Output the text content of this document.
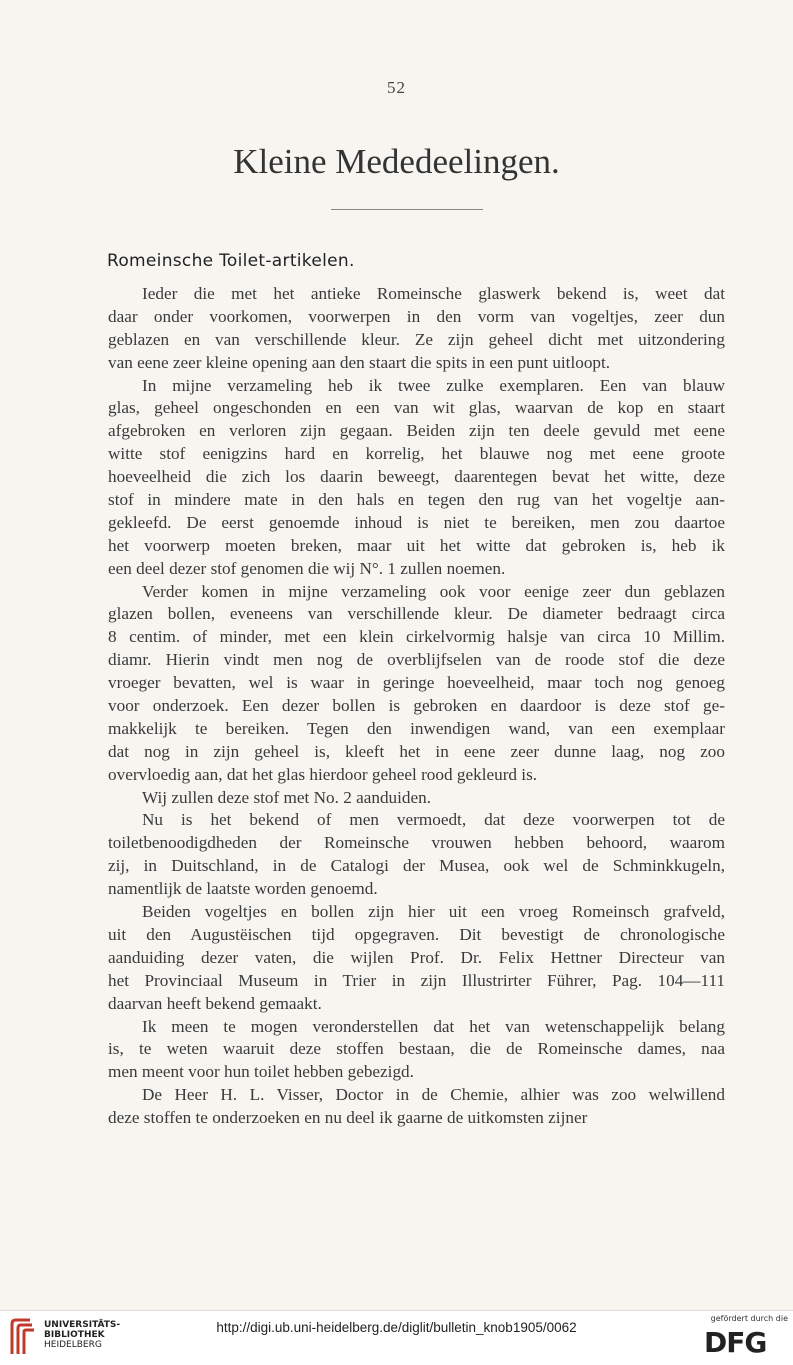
52
Kleine Mededeelingen.
Romeinsche Toilet-artikelen.
Ieder die met het antieke Romeinsche glaswerk bekend is, weet dat
daar onder voorkomen, voorwerpen in den vorm van vogeltjes, zeer dun
geblazen en van verschillende kleur. Ze zijn geheel dicht met uitzondering
van eene zeer kleine opening aan den staart die spits in een punt uitloopt.
In mijne verzameling heb ik twee zulke exemplaren. Een van blauw
glas, geheel ongeschonden en een van wit glas, waarvan de kop en staart
afgebroken en verloren zijn gegaan. Beiden zijn ten deele gevuld met eene
witte stof eenigzins hard en korrelig, het blauwe nog met eene groote
hoeveelheid die zich los daarin beweegt, daarentegen bevat het witte, deze
stof in mindere mate in den hals en tegen den rug van het vogeltje aan-
gekleefd. De eerst genoemde inhoud is niet te bereiken, men zou daartoe
het voorwerp moeten breken, maar uit het witte dat gebroken is, heb ik
een deel dezer stof genomen die wij N°. 1 zullen noemen.
Verder komen in mijne verzameling ook voor eenige zeer dun geblazen
glazen bollen, eveneens van verschillende kleur. De diameter bedraagt circa
8 centim. of minder, met een klein cirkelvormig halsje van circa 10 Millim.
diamr. Hierin vindt men nog de overblijfselen van de roode stof die deze
vroeger bevatten, wel is waar in geringe hoeveelheid, maar toch nog genoeg
voor onderzoek. Een dezer bollen is gebroken en daardoor is deze stof ge-
makkelijk te bereiken. Tegen den inwendigen wand, van een exemplaar
dat nog in zijn geheel is, kleeft het in eene zeer dunne laag, nog zoo
overvloedig aan, dat het glas hierdoor geheel rood gekleurd is.
Wij zullen deze stof met No. 2 aanduiden.
Nu is het bekend of men vermoedt, dat deze voorwerpen tot de
toiletbenoodigdheden der Romeinsche vrouwen hebben behoord, waarom
zij, in Duitschland, in de Catalogi der Musea, ook wel de Schminkkugeln,
namentlijk de laatste worden genoemd.
Beiden vogeltjes en bollen zijn hier uit een vroeg Romeinsch grafveld,
uit den Augustëischen tijd opgegraven. Dit bevestigt de chronologische
aanduiding dezer vaten, die wijlen Prof. Dr. Felix Hettner Directeur van
het Provinciaal Museum in Trier in zijn Illustrirter Führer, Pag. 104—111
daarvan heeft bekend gemaakt.
Ik meen te mogen veronderstellen dat het van wetenschappelijk belang
is, te weten waaruit deze stoffen bestaan, die de Romeinsche dames, naa
men meent voor hun toilet hebben gebezigd.
De Heer H. L. Visser, Doctor in de Chemie, alhier was zoo welwillend
deze stoffen te onderzoeken en nu deel ik gaarne de uitkomsten zijner
UNIVERSITÄTS-
BIBLIOTHEK
HEIDELBERG
http://digi.ub.uni-heidelberg.de/diglit/bulletin_knob1905/0062
gefördert durch die
DFG
